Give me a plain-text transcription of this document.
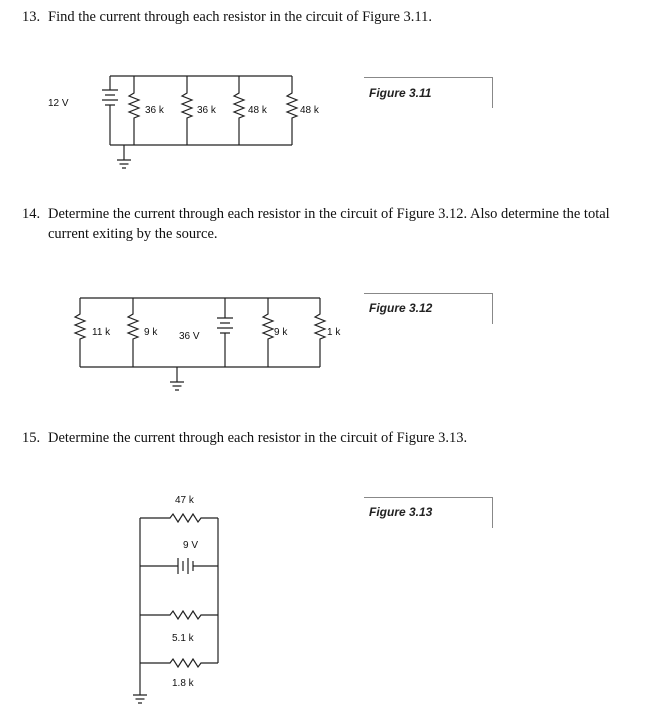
13. Find the current through each resistor in the circuit of Figure 3.11.
14. Determine the current through each resistor in the circuit of Figure 3.12. Also determine the total
current exiting by the source.
15. Determine the current through each resistor in the circuit of Figure 3.13.
Figure 3.11
Figure 3.12
Figure 3.13
12 V
36 k	36 k	48 k	48 k
11 k	9 k 36 V	9 k	1 k
47 k
9 V
5.1 k
1.8 k
